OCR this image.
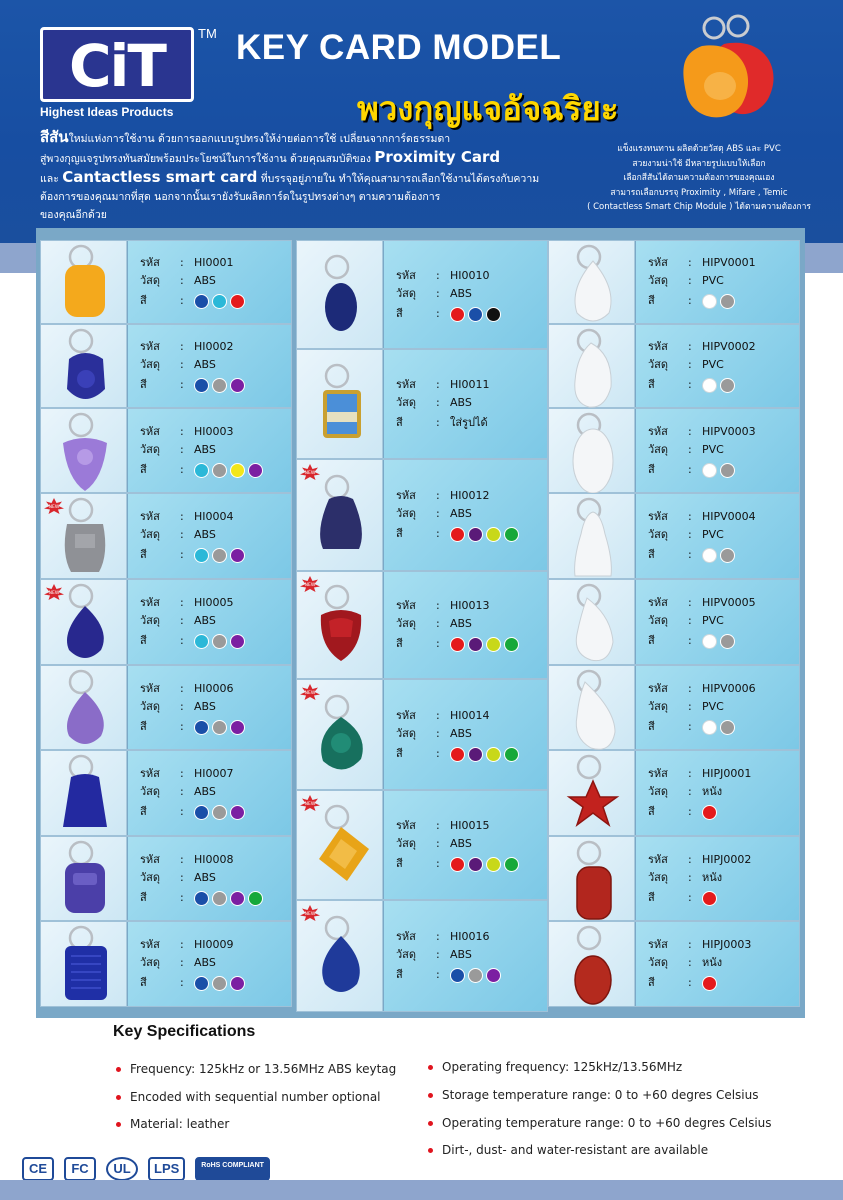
CiT	TM
Highest Ideas Products
KEY CARD MODEL
พวงกุญแจอัจฉริยะ

สีสันใหม่แห่งการใช้งาน ด้วยการออกแบบรูปทรงให้ง่ายต่อการใช้ เปลี่ยนจากการ์ดธรรมดา

สู่พวงกุญแจรูปทรงทันสมัยพร้อมประโยชน์ในการใช้งาน ด้วยคุณสมบัติของ Proximity Card

และ Cantactless smart card ที่บรรจุอยู่ภายใน ทำให้คุณสามารถเลือกใช้งานได้ตรงกับความ

ต้องการของคุณมากที่สุด นอกจากนั้นเรายังรับผลิตการ์ดในรูปทรงต่างๆ ตามความต้องการ

ของคุณอีกด้วย

แข็งแรงทนทาน ผลิตด้วยวัสดุ ABS และ PVC

สวยงามน่าใช้ มีหลายรูปแบบให้เลือก

เลือกสีสันได้ตามความต้องการของคุณเอง

สามารถเลือกบรรจุ Proximity , Mifare , Temic

( Contactless Smart Chip Module ) ได้ตามความต้องการ

รหัส : HI0001
วัสดุ : ABS
สี	:
รหัส : HI0002
วัสดุ : ABS
สี	:
รหัส : HI0003
วัสดุ : ABS
สี	:
NEW
รหัส : HI0004
วัสดุ : ABS
สี	:
NEW
รหัส : HI0005
วัสดุ : ABS
สี	:
รหัส : HI0006
วัสดุ : ABS
สี	:
รหัส : HI0007
วัสดุ : ABS
สี	:
รหัส : HI0008
วัสดุ : ABS
สี	:
รหัส : HI0009
วัสดุ : ABS
สี	:
รหัส : HI0010
วัสดุ : ABS
สี	:
รหัส : HI0011
วัสดุ : ABS
สี	: ใส่รูปได้
NEW
รหัส : HI0012
วัสดุ : ABS
สี	:
NEW
รหัส : HI0013
วัสดุ : ABS
สี	:
NEW
รหัส : HI0014
วัสดุ : ABS
สี	:
NEW
รหัส : HI0015
วัสดุ : ABS
สี	:
NEW
รหัส : HI0016
วัสดุ : ABS
สี	:
รหัส : HIPV0001
วัสดุ : PVC
สี	:
รหัส : HIPV0002
วัสดุ : PVC
สี	:
รหัส : HIPV0003
วัสดุ : PVC
สี	:
รหัส : HIPV0004
วัสดุ : PVC
สี	:
รหัส : HIPV0005
วัสดุ : PVC
สี	:
รหัส : HIPV0006
วัสดุ : PVC
สี	:
รหัส : HIPJ0001
วัสดุ : หนัง
สี	:
รหัส : HIPJ0002
วัสดุ : หนัง
สี	:
รหัส : HIPJ0003
วัสดุ : หนัง
สี	:
Key Specifications
Frequency: 125kHz or 13.56MHz ABS keytag
Encoded with sequential number optional
Material: leather
Operating frequency: 125kHz/13.56MHz
Storage temperature range: 0 to +60 degres Celsius
Operating temperature range: 0 to +60 degres Celsius
Dirt-, dust- and water-resistant are available
CE	FC	UL	LPS	RoHS COMPLIANT
